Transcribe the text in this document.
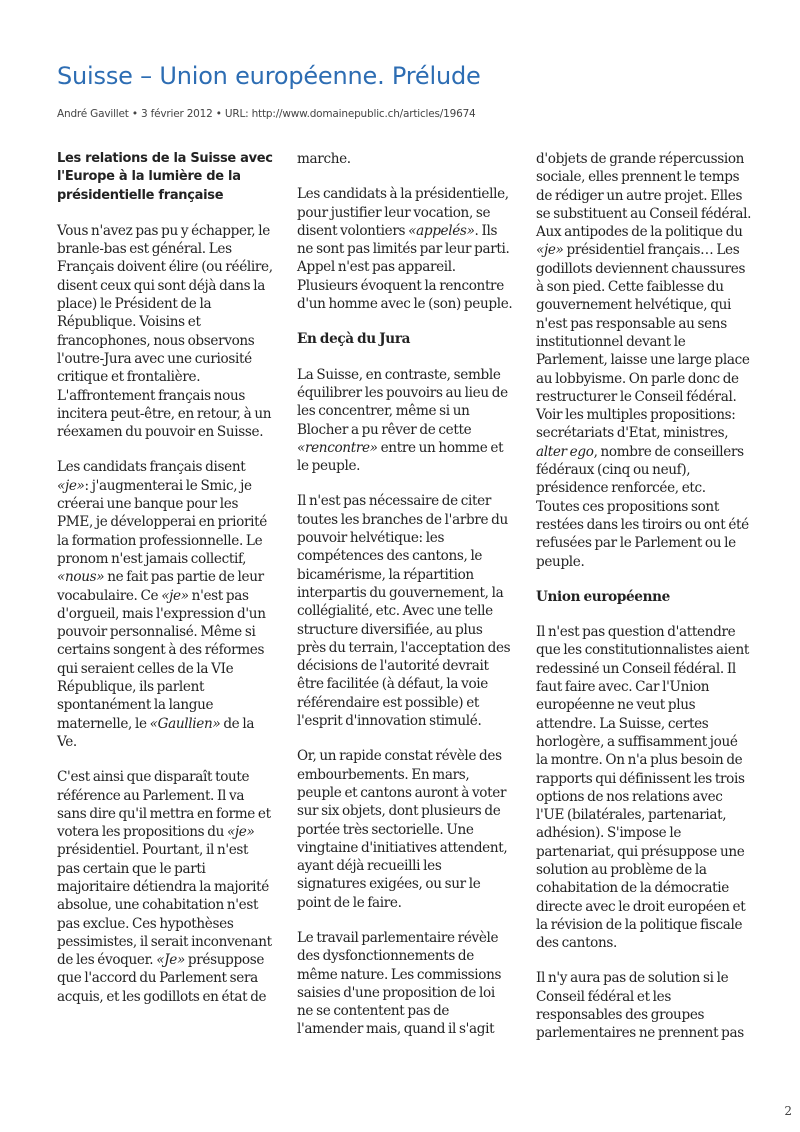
Suisse – Union européenne. Prélude
André Gavillet • 3 février 2012 • URL: http://www.domainepublic.ch/articles/19674
Les relations de la Suisse avec l'Europe à la lumière de la présidentielle française

Vous n'avez pas pu y échapper, le branle-bas est général. Les Français doivent élire (ou réélire, disent ceux qui sont déjà dans la place) le Président de la République. Voisins et francophones, nous observons l'outre-Jura avec une curiosité critique et frontalière. L'affrontement français nous incitera peut-être, en retour, à un réexamen du pouvoir en Suisse.

Les candidats français disent «je»: j'augmenterai le Smic, je créerai une banque pour les PME, je développerai en priorité la formation professionnelle. Le pronom n'est jamais collectif, «nous» ne fait pas partie de leur vocabulaire. Ce «je» n'est pas d'orgueil, mais l'expression d'un pouvoir personnalisé. Même si certains songent à des réformes qui seraient celles de la VIe République, ils parlent spontanément la langue maternelle, le «Gaullien» de la Ve.

C'est ainsi que disparaît toute référence au Parlement. Il va sans dire qu'il mettra en forme et votera les propositions du «je» présidentiel. Pourtant, il n'est pas certain que le parti majoritaire détiendra la majorité absolue, une cohabitation n'est pas exclue. Ces hypothèses pessimistes, il serait inconvenant de les évoquer. «Je» présuppose que l'accord du Parlement sera acquis, et les godillots en état de

marche.

Les candidats à la présidentielle, pour justifier leur vocation, se disent volontiers «appelés». Ils ne sont pas limités par leur parti. Appel n'est pas appareil. Plusieurs évoquent la rencontre d'un homme avec le (son) peuple.

En deçà du Jura

La Suisse, en contraste, semble équilibrer les pouvoirs au lieu de les concentrer, même si un Blocher a pu rêver de cette «rencontre» entre un homme et le peuple.

Il n'est pas nécessaire de citer toutes les branches de l'arbre du pouvoir helvétique: les compétences des cantons, le bicamérisme, la répartition interpartis du gouvernement, la collégialité, etc. Avec une telle structure diversifiée, au plus près du terrain, l'acceptation des décisions de l'autorité devrait être facilitée (à défaut, la voie référendaire est possible) et l'esprit d'innovation stimulé.

Or, un rapide constat révèle des embourbements. En mars, peuple et cantons auront à voter sur six objets, dont plusieurs de portée très sectorielle. Une vingtaine d'initiatives attendent, ayant déjà recueilli les signatures exigées, ou sur le point de le faire.

Le travail parlementaire révèle des dysfonctionnements de même nature. Les commissions saisies d'une proposition de loi ne se contentent pas de l'amender mais, quand il s'agit

d'objets de grande répercussion sociale, elles prennent le temps de rédiger un autre projet. Elles se substituent au Conseil fédéral. Aux antipodes de la politique du «je» présidentiel français… Les godillots deviennent chaussures à son pied. Cette faiblesse du gouvernement helvétique, qui n'est pas responsable au sens institutionnel devant le Parlement, laisse une large place au lobbyisme. On parle donc de restructurer le Conseil fédéral. Voir les multiples propositions: secrétariats d'Etat, ministres, alter ego, nombre de conseillers fédéraux (cinq ou neuf), présidence renforcée, etc. Toutes ces propositions sont restées dans les tiroirs ou ont été refusées par le Parlement ou le peuple.

Union européenne

Il n'est pas question d'attendre que les constitutionnalistes aient redessiné un Conseil fédéral. Il faut faire avec. Car l'Union européenne ne veut plus attendre. La Suisse, certes horlogère, a suffisamment joué la montre. On n'a plus besoin de rapports qui définissent les trois options de nos relations avec l'UE (bilatérales, partenariat, adhésion). S'impose le partenariat, qui présuppose une solution au problème de la cohabitation de la démocratie directe avec le droit européen et la révision de la politique fiscale des cantons.

Il n'y aura pas de solution si le Conseil fédéral et les responsables des groupes parlementaires ne prennent pas

2
